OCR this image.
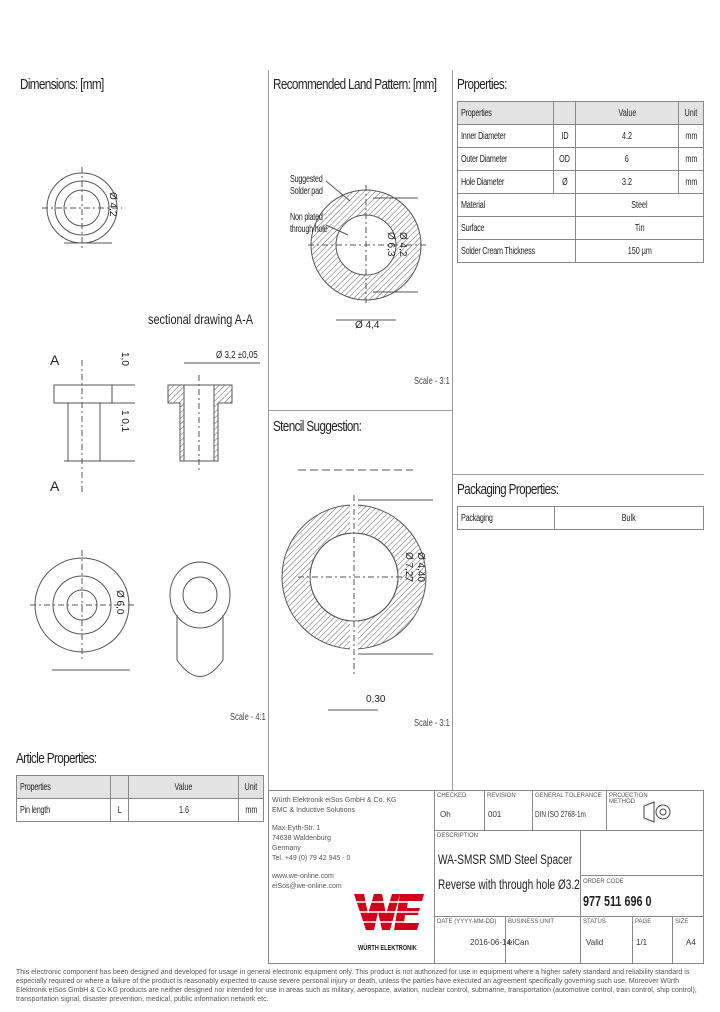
Dimensions: [mm]	Recommended Land Pattern: [mm] Properties:
Stencil Suggestion:
Packaging Properties:
Article Properties:
Ø 4,2
sectional drawing A-A
A
A
1,0
1 0,1
Ø 3,2 ±0,05
Ø 6,0
Scale - 4:1
Suggested
Solder pad
Non plated
through hole
Ø 4,2
Ø 6,3
Ø 4,4
Scale - 3:1
Ø 4,40
Ø 7,27
0,30
Scale - 3:1
Properties		Value	Unit
Inner Diameter	ID	4.2	mm
Outer Diameter	OD	6	mm
Hole Diameter	Ø	3.2	mm
Material		Steel	
Surface		Tin	
Solder Cream Thickness		150 µm	
Packaging	Bulk
Properties		Value	Unit
Pin length	L	1.6	mm
Würth Elektronik eiSos GmbH & Co. KG
EMC & Inductive Solutions
Max-Eyth-Str. 1
74638 Waldenburg
Germany
Tel. +49 (0) 79 42 945 - 0
www.we-online.com
eiSos@we-online.com
WÜRTH ELEKTRONIK
CHECKED
Oh
REVISION
001
GENERAL TOLERANCE
DIN ISO 2768-1m
PROJECTION METHOD
DESCRIPTION
WA-SMSR SMD Steel Spacer
Reverse with through hole Ø3.2 ORDER CODE
977 511 696 0
DATE (YYYY-MM-DD)
2016-06-14
BUSINESS UNIT
eiCan
STATUS
Valid
PAGE
1/1
SIZE
A4
This electronic component has been designed and developed for usage in general electronic equipment only. This product is not authorized for use in equipment where a higher safety standard and reliability standard is especially required or where a failure of the product is reasonably expected to cause severe personal injury or death, unless the parties have executed an agreement specifically governing such use. Moreover Würth Elektronik eiSos GmbH & Co KG products are neither designed nor intended for use in areas such as military, aerospace, aviation, nuclear control, submarine, transportation (automotive control, train control, ship control), transportation signal, disaster prevention, medical, public information network etc.
